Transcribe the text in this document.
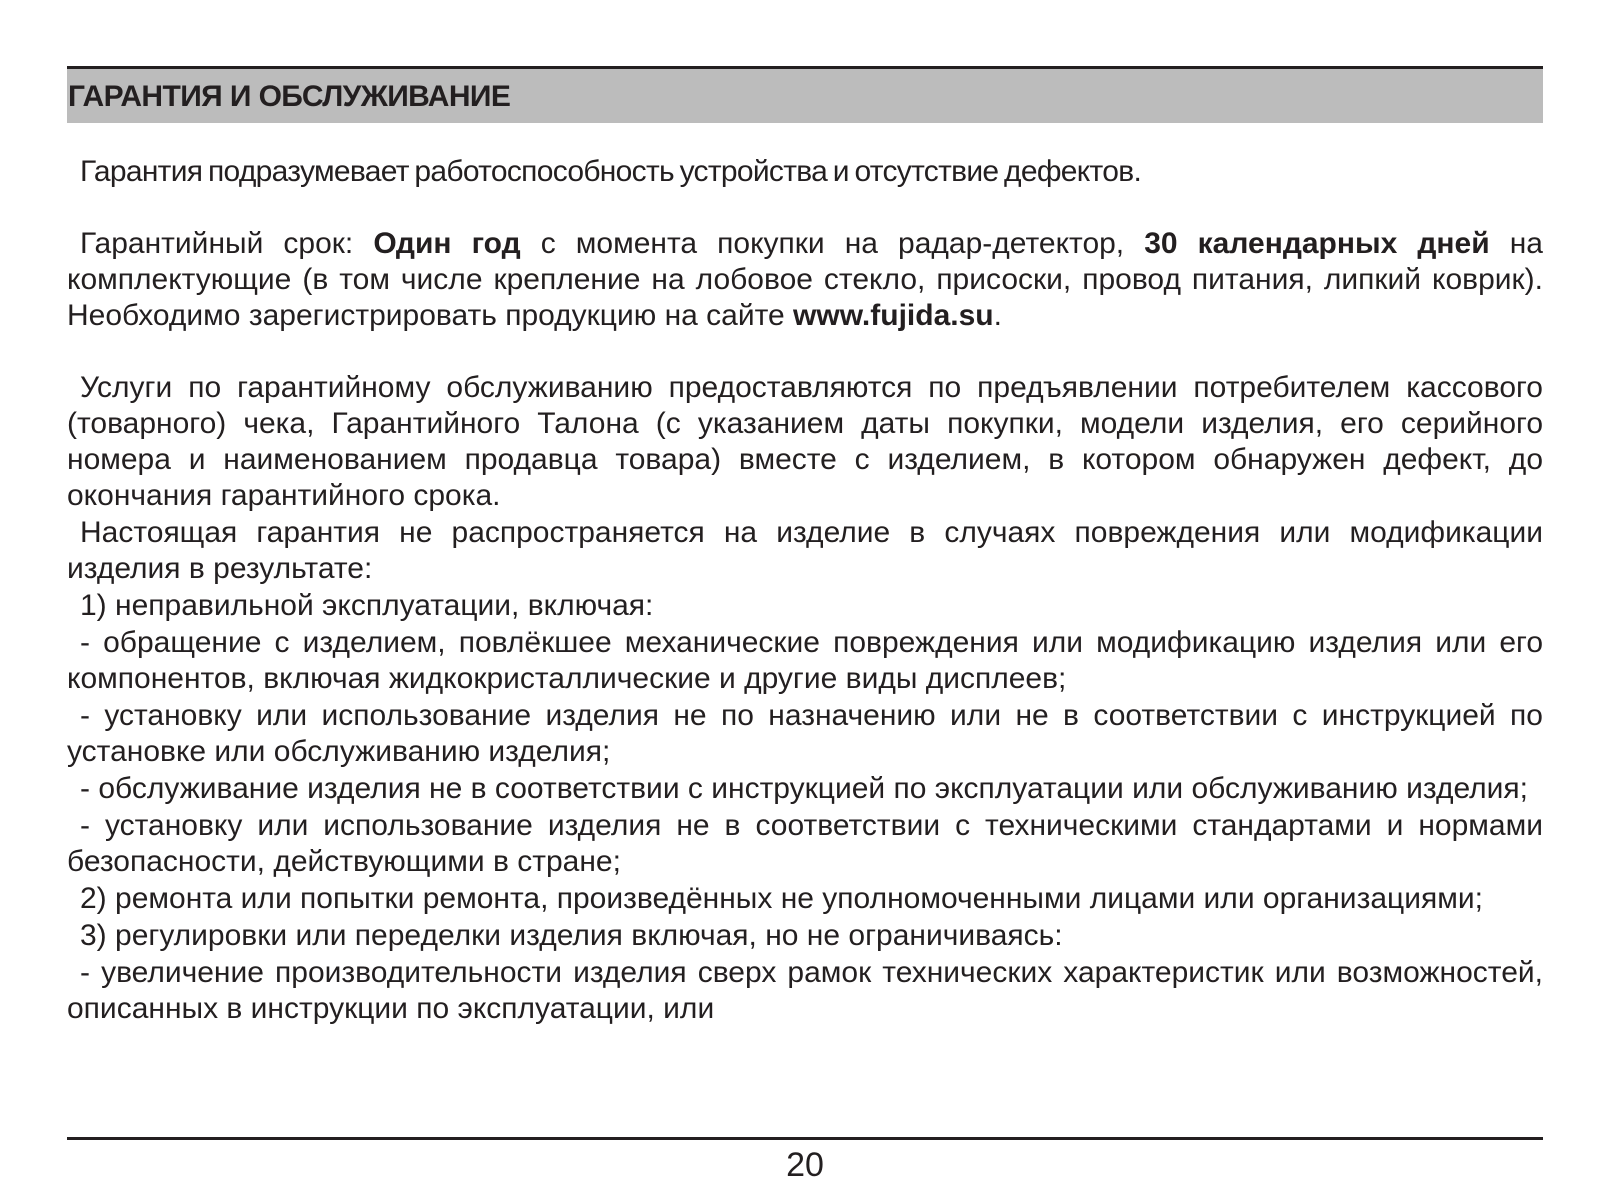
ГАРАНТИЯ И ОБСЛУЖИВАНИЕ

Гарантия подразумевает работоспособность устройства и отсутствие дефектов.

Гарантийный срок: Один год с момента покупки на радар-детектор, 30 календарных дней на комплектующие (в том числе крепление на лобовое стекло, присоски, провод питания, липкий коврик). Необходимо зарегистрировать продукцию на сайте www.fujida.su.

Услуги по гарантийному обслуживанию предоставляются по предъявлении потребителем кассового (товарного) чека, Гарантийного Талона (с указанием даты покупки, модели изделия, его серийного номера и наименованием продавца товара) вместе с изделием, в котором обнаружен дефект, до окончания гарантийного срока.

Настоящая гарантия не распространяется на изделие в случаях повреждения или модификации изделия в результате:

1) неправильной эксплуатации, включая:

- обращение с изделием, повлёкшее механические повреждения или модификацию изделия или его компонентов, включая жидкокристаллические и другие виды дисплеев;

- установку или использование изделия не по назначению или не в соответствии с инструкцией по установке или обслуживанию изделия;

- обслуживание изделия не в соответствии с инструкцией по эксплуатации или обслуживанию изделия;

- установку или использование изделия не в соответствии с техническими стандартами и нормами безопасности, действующими в стране;

2) ремонта или попытки ремонта, произведённых не уполномоченными лицами или организациями;

3) регулировки или переделки изделия включая, но не ограничиваясь:

- увеличение производительности изделия сверх рамок технических характеристик или возможностей, описанных в инструкции по эксплуатации, или

20
